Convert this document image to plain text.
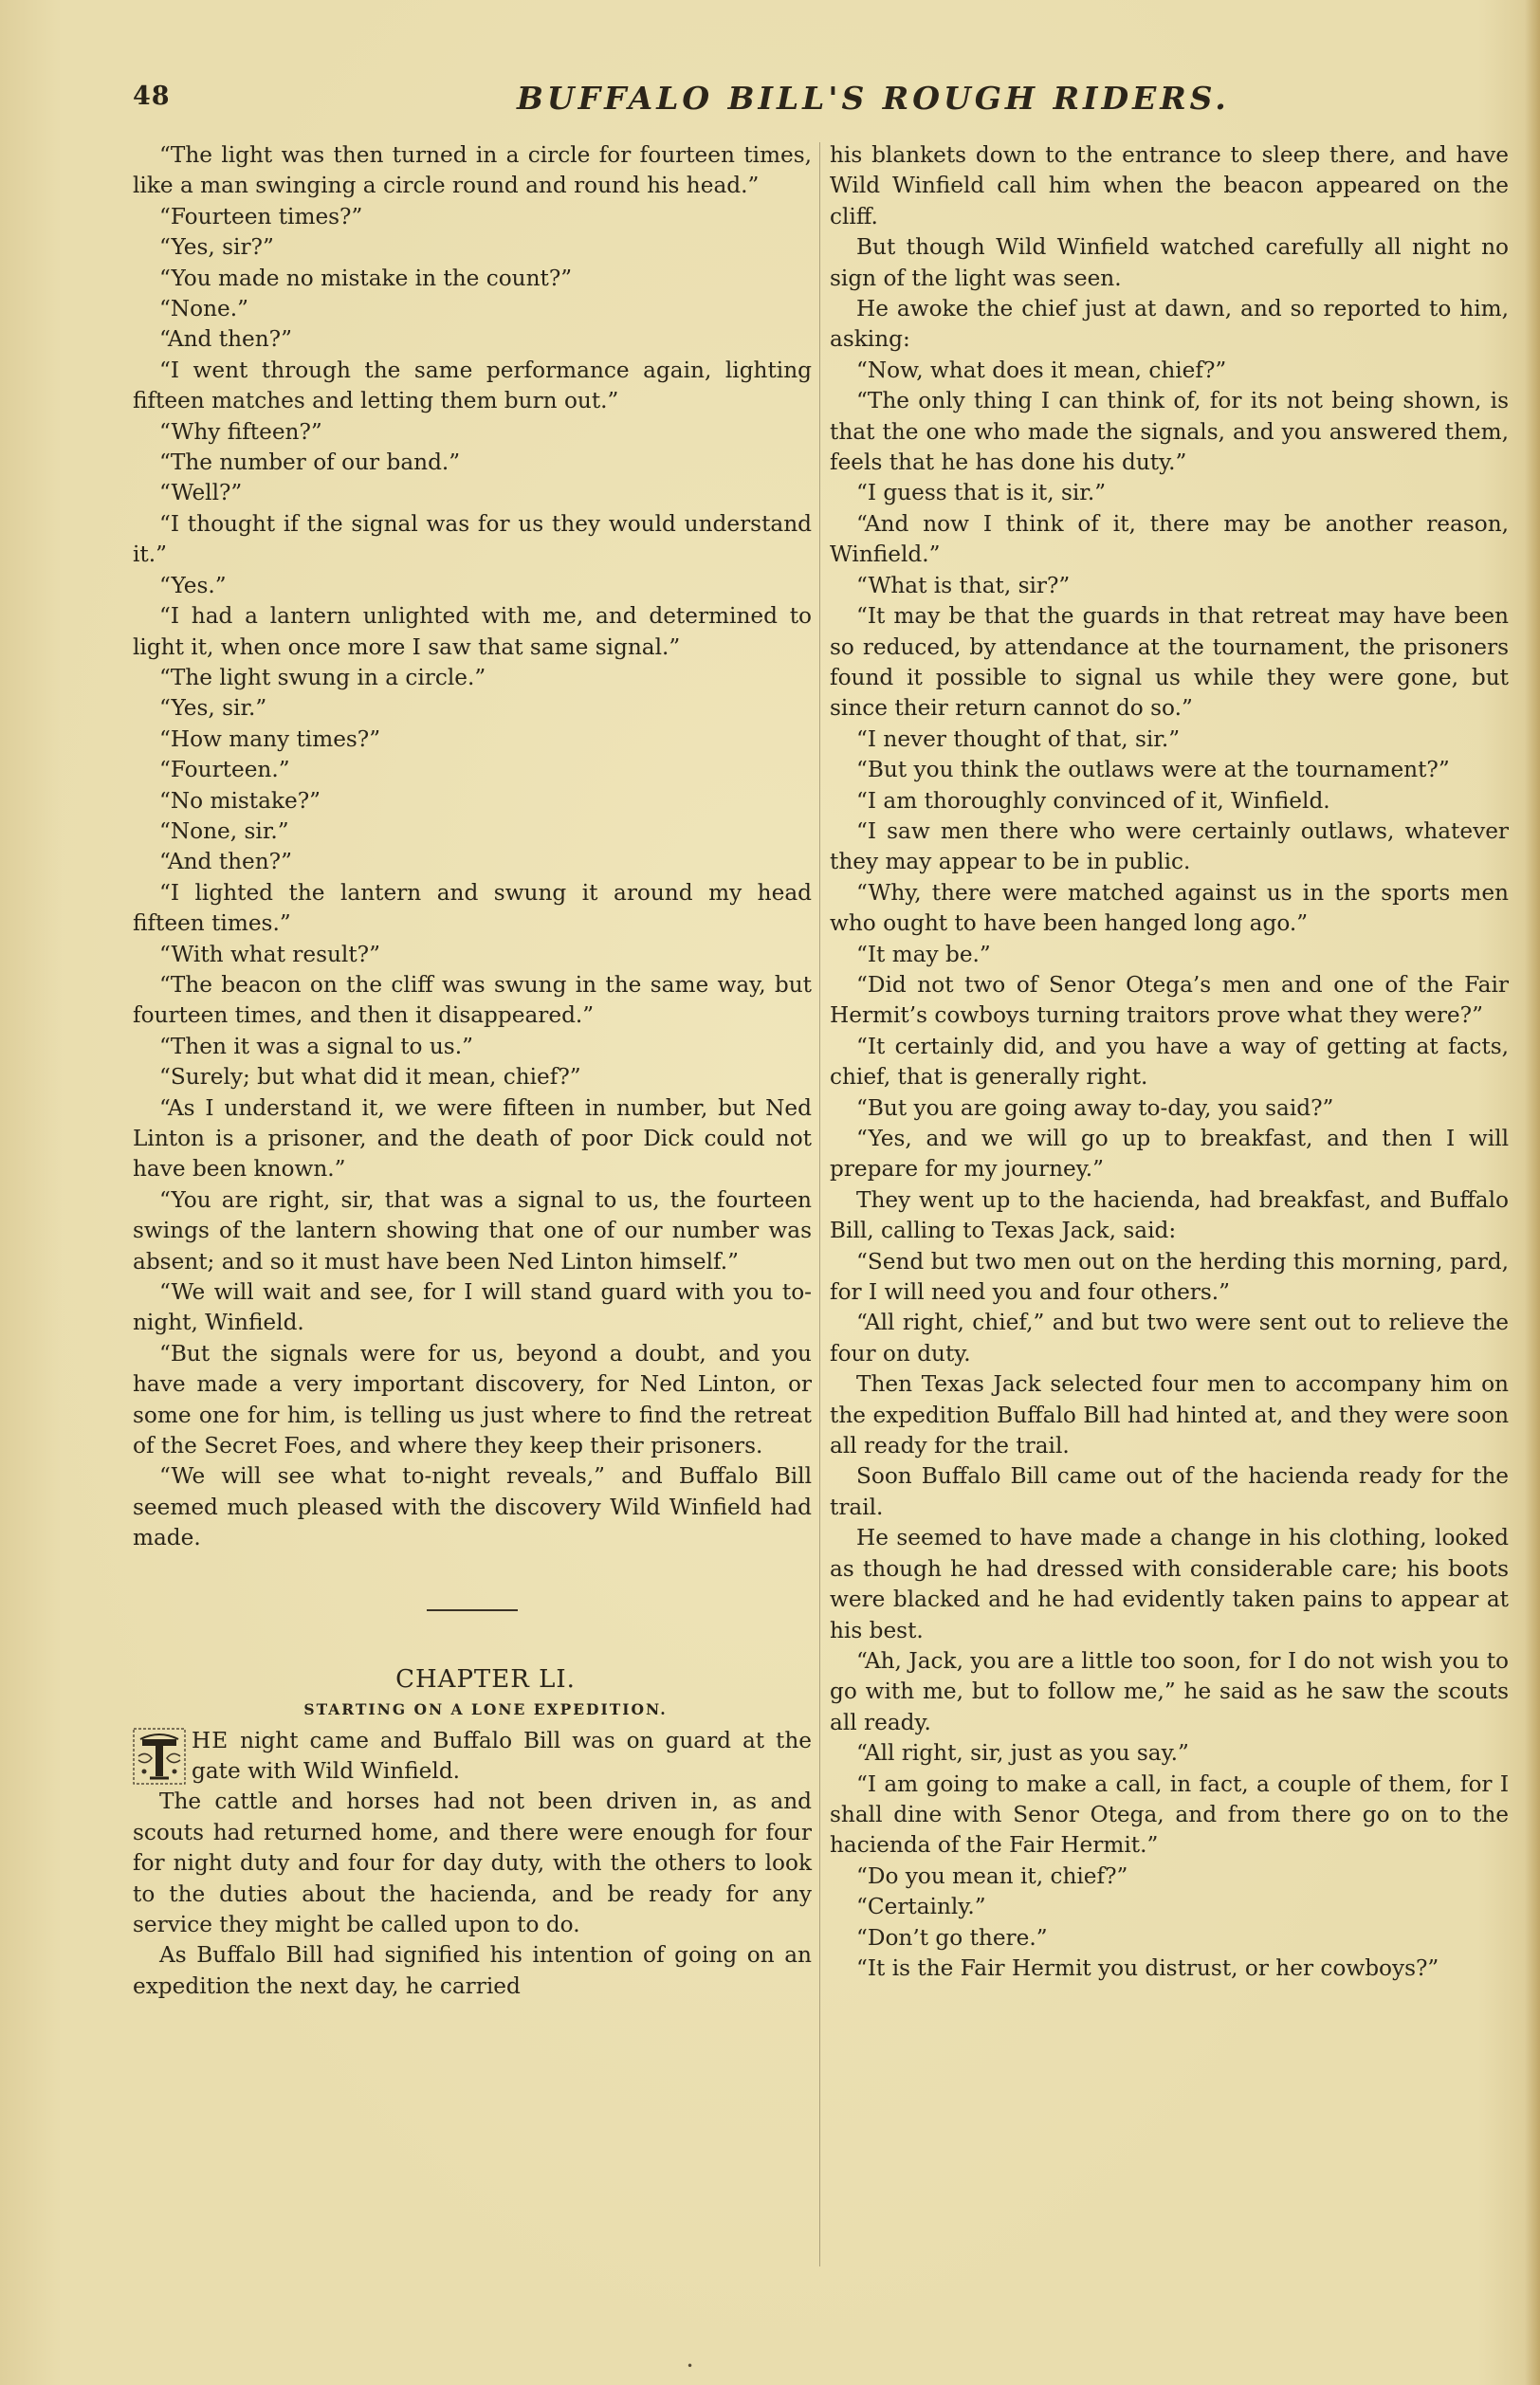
48	BUFFALO BILL'S ROUGH RIDERS.

“The light was then turned in a circle for fourteen times, like a man swinging a circle round and round his head.”

“Fourteen times?”

“Yes, sir?”

“You made no mistake in the count?”

“None.”

“And then?”

“I went through the same performance again, lighting fifteen matches and letting them burn out.”

“Why fifteen?”

“The number of our band.”

“Well?”

“I thought if the signal was for us they would understand it.”

“Yes.”

“I had a lantern unlighted with me, and determined to light it, when once more I saw that same signal.”

“The light swung in a circle.”

“Yes, sir.”

“How many times?”

“Fourteen.”

“No mistake?”

“None, sir.”

“And then?”

“I lighted the lantern and swung it around my head fifteen times.”

“With what result?”

“The beacon on the cliff was swung in the same way, but fourteen times, and then it disappeared.”

“Then it was a signal to us.”

“Surely; but what did it mean, chief?”

“As I understand it, we were fifteen in number, but Ned Linton is a prisoner, and the death of poor Dick could not have been known.”

“You are right, sir, that was a signal to us, the fourteen swings of the lantern showing that one of our number was absent; and so it must have been Ned Linton himself.”

“We will wait and see, for I will stand guard with you to-night, Winfield.

“But the signals were for us, beyond a doubt, and you have made a very important discovery, for Ned Linton, or some one for him, is telling us just where to find the retreat of the Secret Foes, and where they keep their prisoners.

“We will see what to-night reveals,” and Buffalo Bill seemed much pleased with the discovery Wild Winfield had made.

CHAPTER LI.

STARTING ON A LONE EXPEDITION.

HE night came and Buffalo Bill was on guard at the gate with Wild Winfield.

The cattle and horses had not been driven in, as and scouts had returned home, and there were enough for four for night duty and four for day duty, with the others to look to the duties about the hacienda, and be ready for any service they might be called upon to do.

As Buffalo Bill had signified his intention of going on an expedition the next day, he carried

his blankets down to the entrance to sleep there, and have Wild Winfield call him when the beacon appeared on the cliff.

But though Wild Winfield watched carefully all night no sign of the light was seen.

He awoke the chief just at dawn, and so reported to him, asking:

“Now, what does it mean, chief?”

“The only thing I can think of, for its not being shown, is that the one who made the signals, and you answered them, feels that he has done his duty.”

“I guess that is it, sir.”

“And now I think of it, there may be another reason, Winfield.”

“What is that, sir?”

“It may be that the guards in that retreat may have been so reduced, by attendance at the tournament, the prisoners found it possible to signal us while they were gone, but since their return cannot do so.”

“I never thought of that, sir.”

“But you think the outlaws were at the tournament?”

“I am thoroughly convinced of it, Winfield.

“I saw men there who were certainly outlaws, whatever they may appear to be in public.

“Why, there were matched against us in the sports men who ought to have been hanged long ago.”

“It may be.”

“Did not two of Senor Otega’s men and one of the Fair Hermit’s cowboys turning traitors prove what they were?”

“It certainly did, and you have a way of getting at facts, chief, that is generally right.

“But you are going away to-day, you said?”

“Yes, and we will go up to breakfast, and then I will prepare for my journey.”

They went up to the hacienda, had breakfast, and Buffalo Bill, calling to Texas Jack, said:

“Send but two men out on the herding this morning, pard, for I will need you and four others.”

“All right, chief,” and but two were sent out to relieve the four on duty.

Then Texas Jack selected four men to accompany him on the expedition Buffalo Bill had hinted at, and they were soon all ready for the trail.

Soon Buffalo Bill came out of the hacienda ready for the trail.

He seemed to have made a change in his clothing, looked as though he had dressed with considerable care; his boots were blacked and he had evidently taken pains to appear at his best.

“Ah, Jack, you are a little too soon, for I do not wish you to go with me, but to follow me,” he said as he saw the scouts all ready.

“All right, sir, just as you say.”

“I am going to make a call, in fact, a couple of them, for I shall dine with Senor Otega, and from there go on to the hacienda of the Fair Hermit.”

“Do you mean it, chief?”

“Certainly.”

“Don’t go there.”

“It is the Fair Hermit you distrust, or her cowboys?”

•
